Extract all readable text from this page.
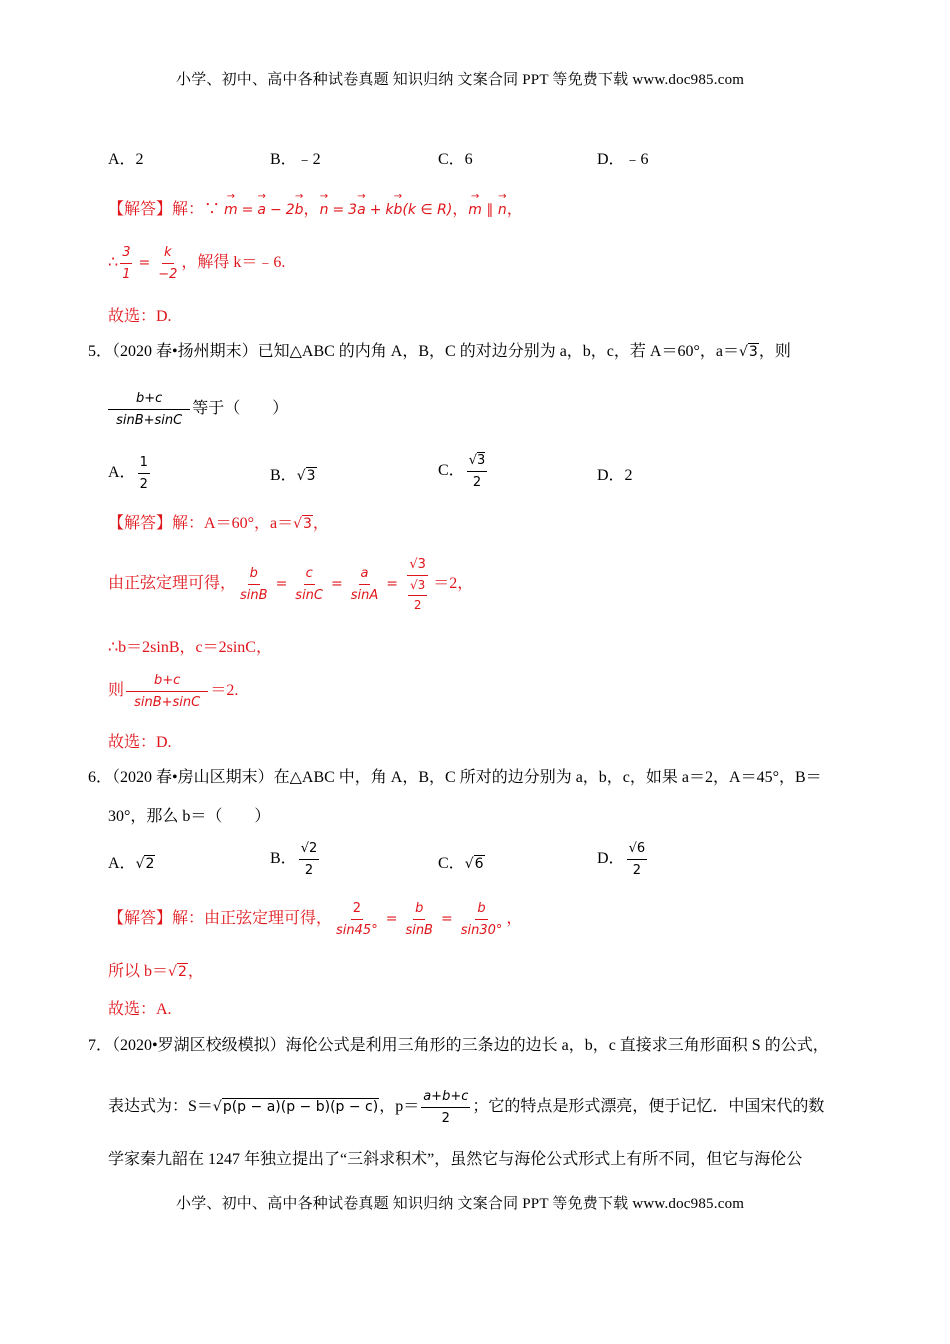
小学、初中、高中各种试卷真题 知识归纳 文案合同 PPT 等免费下载 www.doc985.com
A．2	B．﹣2	C．6	D．﹣6
【解答】解：∵ → m = → a − 2→ b，→ n = 3→ a + k→ b(k ∈ R)，→ m ∥ → n，
∴ $\frac{3}{1} = \frac{k}{-2}$ ，解得 k＝﹣6.
故选：D.
5．（2020 春•扬州期末）已知△ABC 的内角 A，B，C 的对边分别为 a，b，c，若 A＝60°，a＝√3，则
$\frac{b+c}{\sin B+\sin C}$ 等于（　　）
A． $\frac{1}{2}$	B．√3	C． $\frac{√3}{2}$	D．2
【解答】解：A＝60°，a＝√3，
由正弦定理可得， $\frac{b}{\sin B} = \frac{c}{\sin C} = \frac{a}{\sin A} = \frac{√3}{\frac{√3}{2}} =2$，
∴b＝2sinB，c＝2sinC，
则 $\frac{b+c}{\sin B+\sin C} =2$.
故选：D.
6．（2020 春•房山区期末）在△ABC 中，角 A，B，C 所对的边分别为 a，b，c，如果 a＝2，A＝45°，B＝
30°，那么 b＝（　　）
A．√2	B． $\frac{√2}{2}$	C．√6	D． $\frac{√6}{2}$
【解答】解：由正弦定理可得， $\frac{2}{\sin 45^\circ} = \frac{b}{\sin B} = \frac{b}{\sin 30^\circ}$ ，
所以 b＝√2，
故选：A.
7．（2020•罗湖区校级模拟）海伦公式是利用三角形的三条边的边长 a，b，c 直接求三角形面积 S 的公式，
表达式为：S＝√p(p − a)(p − b)(p − c)，$p= \frac{a+b+c}{2}$ ；它的特点是形式漂亮，便于记忆．中国宋代的数
学家秦九韶在 1247 年独立提出了“三斜求积术”，虽然它与海伦公式形式上有所不同，但它与海伦公
小学、初中、高中各种试卷真题 知识归纳 文案合同 PPT 等免费下载 www.doc985.com
